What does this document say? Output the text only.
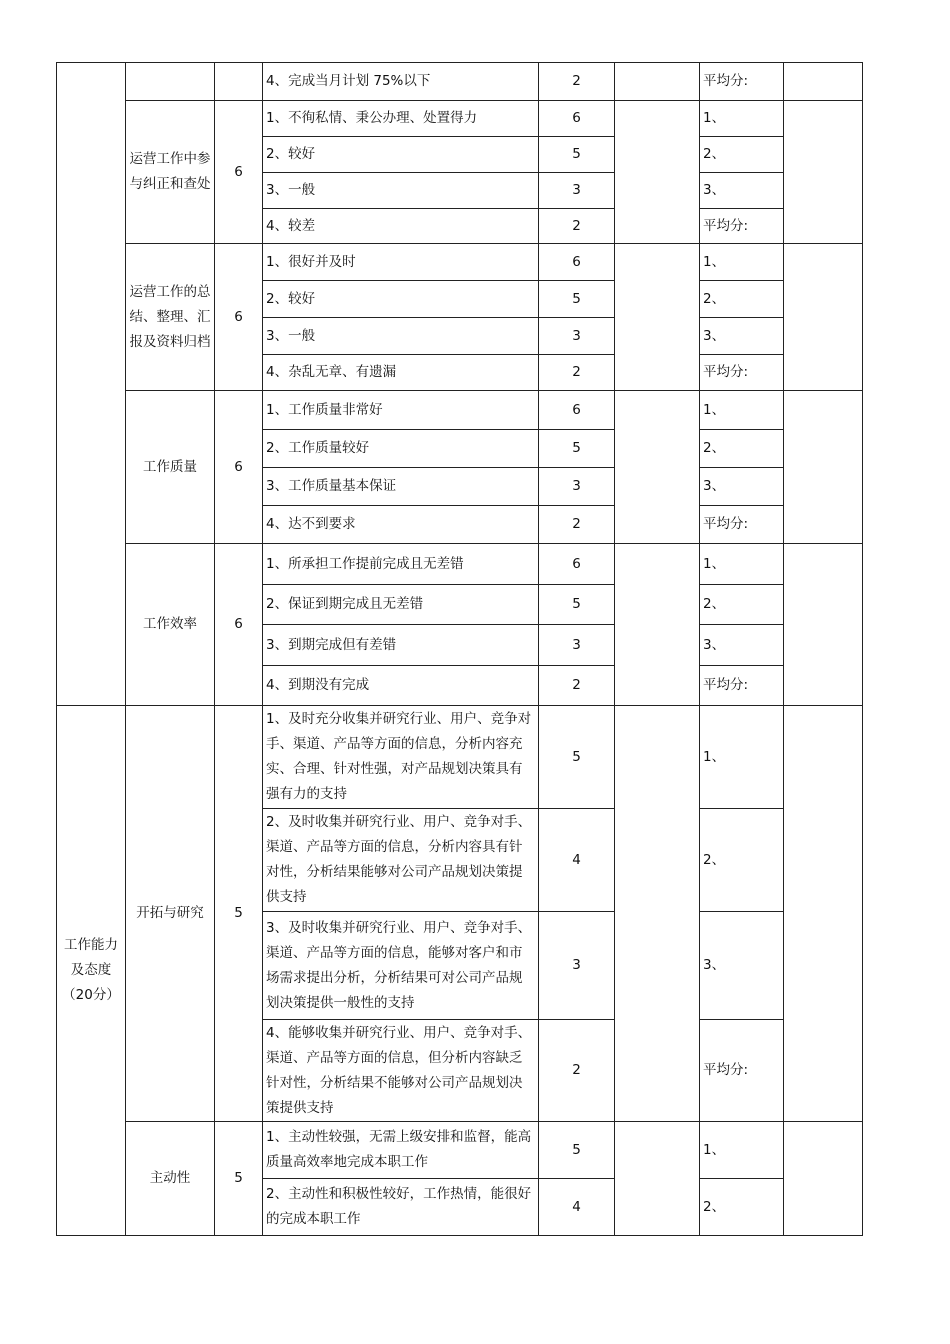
			4、完成当月计划 75%以下	2		平均分:	
	运营工作中参与纠正和查处	6	1、不徇私情、秉公办理、处置得力	6		1、	
			2、较好	5		2、	
			3、一般	3		3、	
			4、较差	2		平均分:	
	运营工作的总结、整理、汇报及资料归档	6	1、很好并及时	6		1、	
			2、较好	5		2、	
			3、一般	3		3、	
			4、杂乱无章、有遗漏	2		平均分:	
	工作质量	6	1、工作质量非常好	6		1、	
			2、工作质量较好	5		2、	
			3、工作质量基本保证	3		3、	
			4、达不到要求	2		平均分:	
	工作效率	6	1、所承担工作提前完成且无差错	6		1、	
			2、保证到期完成且无差错	5		2、	
			3、到期完成但有差错	3		3、	
			4、到期没有完成	2		平均分:	
工作能力及态度（20分）	开拓与研究	5	1、及时充分收集并研究行业、用户、竞争对手、渠道、产品等方面的信息，分析内容充实、合理、针对性强，对产品规划决策具有强有力的支持	5		1、	
			2、及时收集并研究行业、用户、竞争对手、渠道、产品等方面的信息，分析内容具有针对性，分析结果能够对公司产品规划决策提供支持	4		2、	
			3、及时收集并研究行业、用户、竞争对手、渠道、产品等方面的信息，能够对客户和市场需求提出分析，分析结果可对公司产品规划决策提供一般性的支持	3		3、	
			4、能够收集并研究行业、用户、竞争对手、渠道、产品等方面的信息，但分析内容缺乏针对性，分析结果不能够对公司产品规划决策提供支持	2		平均分:	
	主动性	5	1、主动性较强，无需上级安排和监督，能高质量高效率地完成本职工作	5		1、	
			2、主动性和积极性较好，工作热情，能很好的完成本职工作	4		2、	
